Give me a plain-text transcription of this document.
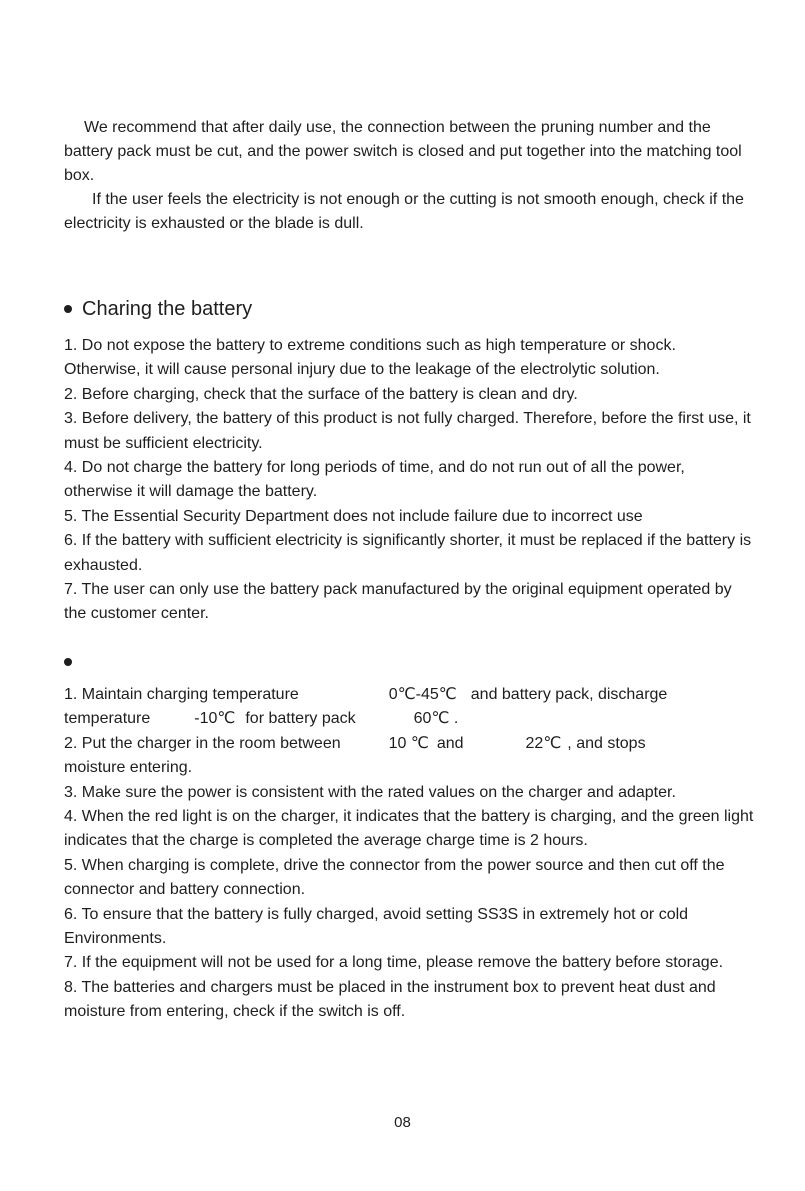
We recommend that after daily use, the connection between the pruning number and the battery pack must be cut, and the power switch is closed and put together into the matching tool box.

If the user feels the electricity is not enough or the cutting is not smooth enough, check if the electricity is exhausted or the blade is dull.

Charing the battery

1. Do not expose the battery to extreme conditions such as high temperature or shock. Otherwise, it will cause personal injury due to the leakage of the electrolytic solution.

2. Before charging, check that the surface of the battery is clean and dry.

3. Before delivery, the battery of this product is not fully charged. Therefore, before the first use, it must be sufficient electricity.

4. Do not charge the battery for long periods of time, and do not run out of all the power, otherwise it will damage the battery.

5. The Essential Security Department does not include failure due to incorrect use

6. If the battery with sufficient electricity is significantly shorter, it must be replaced if the battery is exhausted.

7. The user can only use the battery pack manufactured by the original equipment operated by the customer center.

1. Maintain charging temperature	0℃-45℃ and battery pack, discharge
temperature	-10℃ for battery pack	60℃ .

2. Put the charger in the room between	10 ℃ and	22℃ , and stops
moisture entering.

3. Make sure the power is consistent with the rated values on the charger and adapter.

4. When the red light is on the charger, it indicates that the battery is charging, and the green light indicates that the charge is completed the average charge time is 2 hours.

5. When charging is complete, drive the connector from the power source and then cut off the connector and battery connection.

6. To ensure that the battery is fully charged, avoid setting SS3S in extremely hot or cold Environments.

7. If the equipment will not be used for a long time, please remove the battery before storage.

8. The batteries and chargers must be placed in the instrument box to prevent heat dust and moisture from entering, check if the switch is off.

08
